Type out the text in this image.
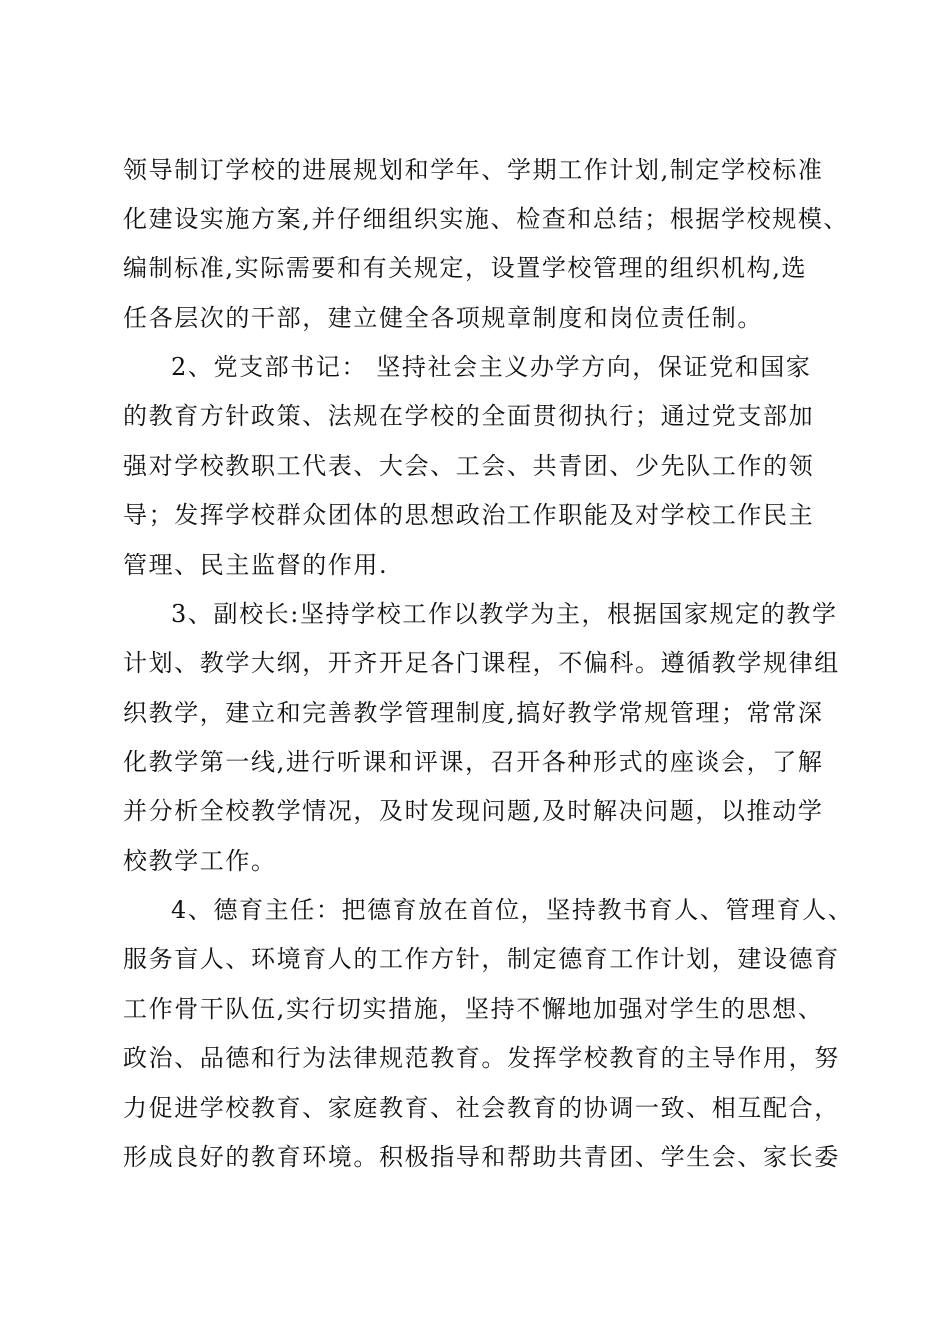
领导制订学校的进展规划和学年、学期工作计划,制定学校标准
化建设实施方案,并仔细组织实施、检查和总结；根据学校规模、
编制标准,实际需要和有关规定，设置学校管理的组织机构,选
任各层次的干部，建立健全各项规章制度和岗位责任制。
2、党支部书记： 坚持社会主义办学方向，保证党和国家
的教育方针政策、法规在学校的全面贯彻执行；通过党支部加
强对学校教职工代表、大会、工会、共青团、少先队工作的领
导；发挥学校群众团体的思想政治工作职能及对学校工作民主
管理、民主监督的作用.
3、副校长:坚持学校工作以教学为主，根据国家规定的教学
计划、教学大纲，开齐开足各门课程，不偏科。遵循教学规律组
织教学，建立和完善教学管理制度,搞好教学常规管理；常常深
化教学第一线,进行听课和评课，召开各种形式的座谈会，了解
并分析全校教学情况，及时发现问题,及时解决问题，以推动学
校教学工作。
4、德育主任：把德育放在首位，坚持教书育人、管理育人、
服务盲人、环境育人的工作方针，制定德育工作计划，建设德育
工作骨干队伍,实行切实措施，坚持不懈地加强对学生的思想、
政治、品德和行为法律规范教育。发挥学校教育的主导作用，努
力促进学校教育、家庭教育、社会教育的协调一致、相互配合，
形成良好的教育环境。积极指导和帮助共青团、学生会、家长委
